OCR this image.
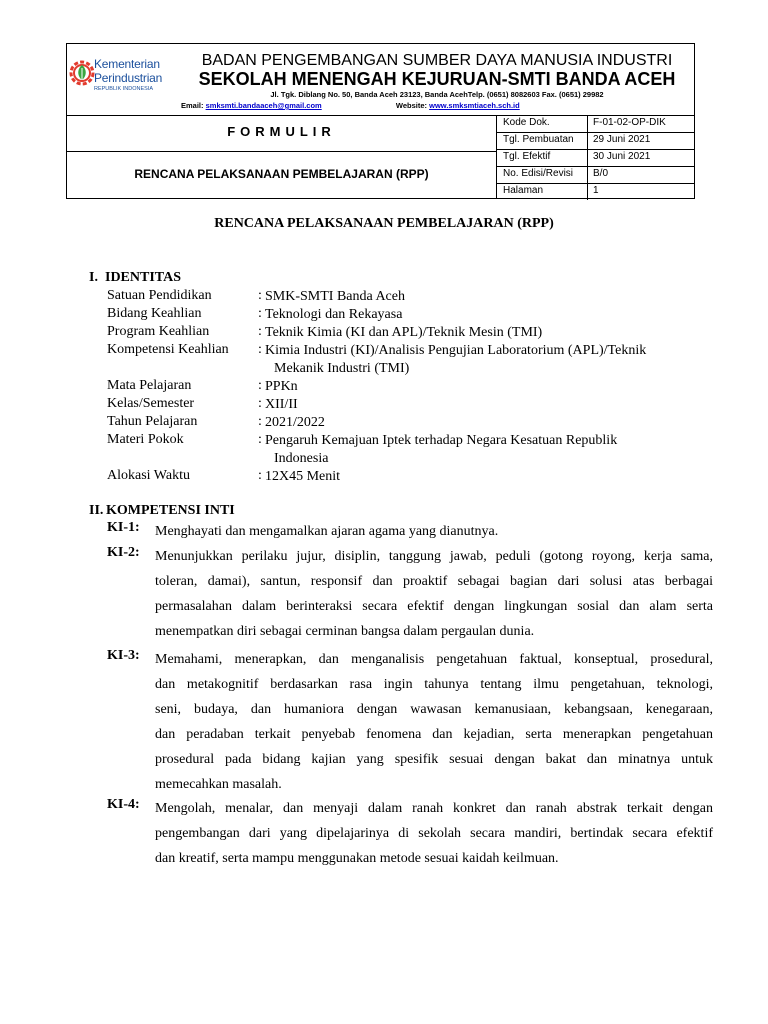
Kementerian
Perindustrian
REPUBLIK INDONESIA
BADAN PENGEMBANGAN SUMBER DAYA MANUSIA INDUSTRI
SEKOLAH MENENGAH KEJURUAN-SMTI BANDA ACEH
Jl. Tgk. Diblang No. 50, Banda Aceh 23123, Banda AcehTelp. (0651) 8082603 Fax. (0651) 29982
Email: smksmti.bandaaceh@gmail.com	Website: www.smksmtiaceh.sch.id
FORMULIR
RENCANA PELAKSANAAN PEMBELAJARAN (RPP)
Kode Dok.	F-01-02-OP-DIK
Tgl. Pembuatan 29 Juni 2021
Tgl. Efektif	30 Juni 2021
No. Edisi/Revisi B/0
Halaman	1
RENCANA PELAKSANAAN PEMBELAJARAN (RPP)
I. IDENTITAS
Satuan Pendidikan	: SMK-SMTI Banda Aceh
Bidang Keahlian	: Teknologi dan Rekayasa
Program Keahlian	: Teknik Kimia (KI dan APL)/Teknik Mesin (TMI)
Kompetensi Keahlian : Kimia Industri (KI)/Analisis Pengujian Laboratorium (APL)/Teknik
Mekanik Industri (TMI)
Mata Pelajaran	: PPKn
Kelas/Semester	: XII/II
Tahun Pelajaran	: 2021/2022
Materi Pokok	: Pengaruh Kemajuan Iptek terhadap Negara Kesatuan Republik
Indonesia
Alokasi Waktu	: 12X45 Menit
II. KOMPETENSI INTI
KI-1: Menghayati dan mengamalkan ajaran agama yang dianutnya.
KI-2: Menunjukkan perilaku jujur, disiplin, tanggung jawab, peduli (gotong royong, kerja sama,
toleran, damai), santun, responsif dan proaktif sebagai bagian dari solusi atas berbagai
permasalahan dalam berinteraksi secara efektif dengan lingkungan sosial dan alam serta
menempatkan diri sebagai cerminan bangsa dalam pergaulan dunia.
KI-3: Memahami, menerapkan, dan menganalisis pengetahuan faktual, konseptual, prosedural,
dan metakognitif berdasarkan rasa ingin tahunya tentang ilmu pengetahuan, teknologi,
seni, budaya, dan humaniora dengan wawasan kemanusiaan, kebangsaan, kenegaraan,
dan peradaban terkait penyebab fenomena dan kejadian, serta menerapkan pengetahuan
prosedural pada bidang kajian yang spesifik sesuai dengan bakat dan minatnya untuk
memecahkan masalah.
KI-4: Mengolah, menalar, dan menyaji dalam ranah konkret dan ranah abstrak terkait dengan
pengembangan dari yang dipelajarinya di sekolah secara mandiri, bertindak secara efektif
dan kreatif, serta mampu menggunakan metode sesuai kaidah keilmuan.
